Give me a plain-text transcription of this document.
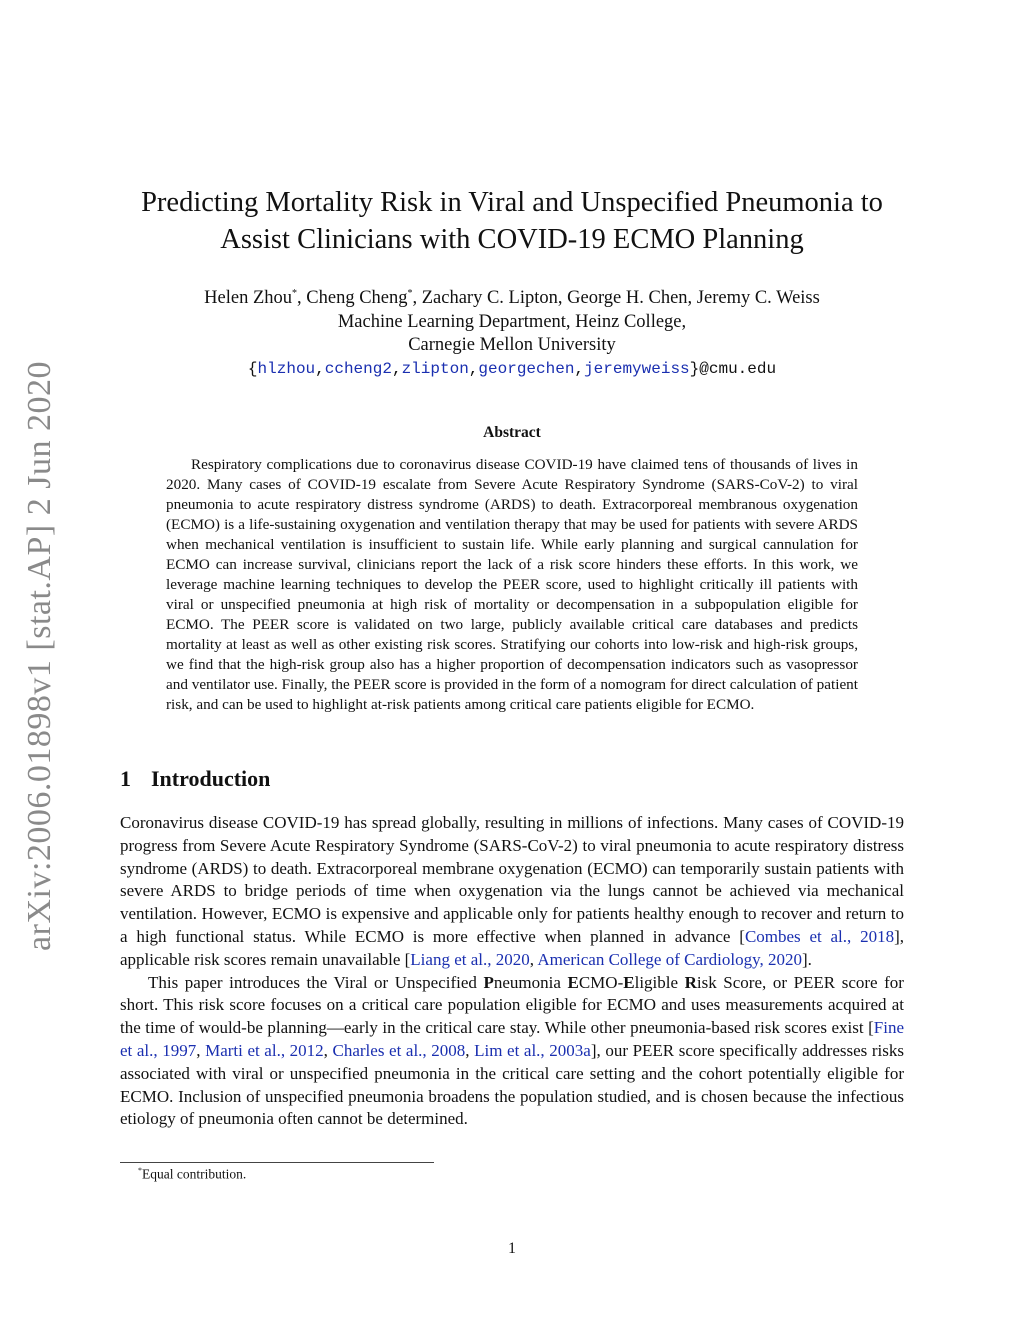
arXiv:2006.01898v1 [stat.AP] 2 Jun 2020
Predicting Mortality Risk in Viral and Unspecified Pneumonia to
Assist Clinicians with COVID-19 ECMO Planning
Helen Zhou*, Cheng Cheng*, Zachary C. Lipton, George H. Chen, Jeremy C. Weiss
Machine Learning Department, Heinz College,
Carnegie Mellon University
{hlzhou,ccheng2,zlipton,georgechen,jeremyweiss}@cmu.edu
Abstract

Respiratory complications due to coronavirus disease COVID-19 have claimed tens of thousands of lives in 2020. Many cases of COVID-19 escalate from Severe Acute Respiratory Syndrome (SARS-CoV-2) to viral pneumonia to acute respiratory distress syndrome (ARDS) to death. Extracorporeal membranous oxygenation (ECMO) is a life-sustaining oxygenation and ventilation therapy that may be used for patients with severe ARDS when mechanical ventilation is insufficient to sustain life. While early planning and surgical cannulation for ECMO can increase survival, clinicians report the lack of a risk score hinders these efforts. In this work, we leverage machine learning techniques to develop the PEER score, used to highlight critically ill patients with viral or unspecified pneumonia at high risk of mortality or decompensation in a subpopulation eligible for ECMO. The PEER score is validated on two large, publicly available critical care databases and predicts mortality at least as well as other existing risk scores. Stratifying our cohorts into low-risk and high-risk groups, we find that the high-risk group also has a higher proportion of decompensation indicators such as vasopressor and ventilator use. Finally, the PEER score is provided in the form of a nomogram for direct calculation of patient risk, and can be used to highlight at-risk patients among critical care patients eligible for ECMO.

1 Introduction

Coronavirus disease COVID-19 has spread globally, resulting in millions of infections. Many cases of COVID-19 progress from Severe Acute Respiratory Syndrome (SARS-CoV-2) to viral pneumonia to acute respiratory distress syndrome (ARDS) to death. Extracorporeal membrane oxygenation (ECMO) can temporarily sustain patients with severe ARDS to bridge periods of time when oxygenation via the lungs cannot be achieved via mechanical ventilation. However, ECMO is expensive and applicable only for patients healthy enough to recover and return to a high functional status. While ECMO is more effective when planned in advance [Combes et al., 2018], applicable risk scores remain unavailable [Liang et al., 2020, American College of Cardiology, 2020].

This paper introduces the Viral or Unspecified Pneumonia ECMO-Eligible Risk Score, or PEER score for short. This risk score focuses on a critical care population eligible for ECMO and uses measurements acquired at the time of would-be planning—early in the critical care stay. While other pneumonia-based risk scores exist [Fine et al., 1997, Marti et al., 2012, Charles et al., 2008, Lim et al., 2003a], our PEER score specifically addresses risks associated with viral or unspecified pneumonia in the critical care setting and the cohort potentially eligible for ECMO. Inclusion of unspecified pneumonia broadens the population studied, and is chosen because the infectious etiology of pneumonia often cannot be determined.

*Equal contribution.
1
